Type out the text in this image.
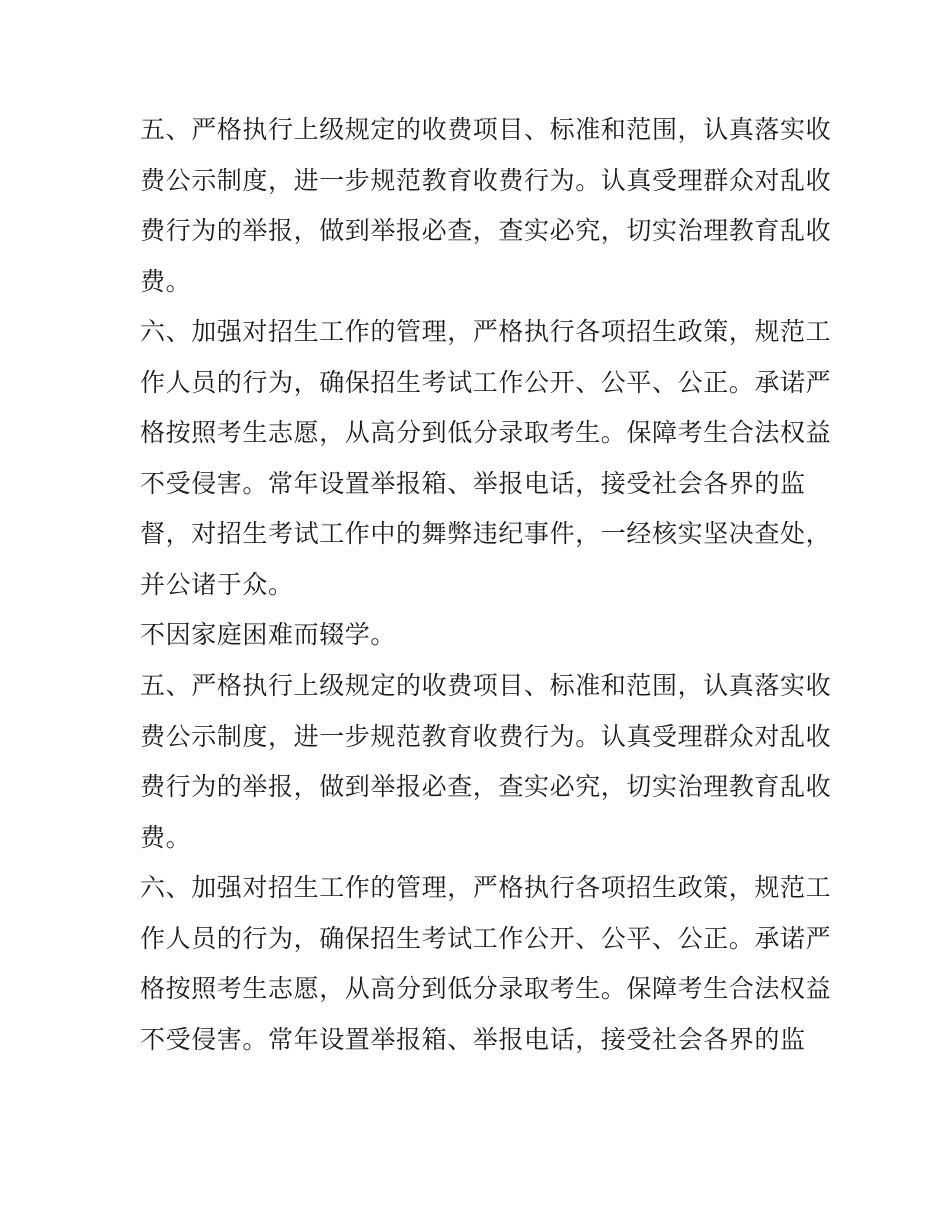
五、严格执行上级规定的收费项目、标准和范围，认真落实收
费公示制度，进一步规范教育收费行为。认真受理群众对乱收
费行为的举报，做到举报必查，查实必究，切实治理教育乱收
费。
六、加强对招生工作的管理，严格执行各项招生政策，规范工
作人员的行为，确保招生考试工作公开、公平、公正。承诺严
格按照考生志愿，从高分到低分录取考生。保障考生合法权益
不受侵害。常年设置举报箱、举报电话，接受社会各界的监
督，对招生考试工作中的舞弊违纪事件，一经核实坚决查处，
并公诸于众。
不因家庭困难而辍学。
五、严格执行上级规定的收费项目、标准和范围，认真落实收
费公示制度，进一步规范教育收费行为。认真受理群众对乱收
费行为的举报，做到举报必查，查实必究，切实治理教育乱收
费。
六、加强对招生工作的管理，严格执行各项招生政策，规范工
作人员的行为，确保招生考试工作公开、公平、公正。承诺严
格按照考生志愿，从高分到低分录取考生。保障考生合法权益
不受侵害。常年设置举报箱、举报电话，接受社会各界的监
